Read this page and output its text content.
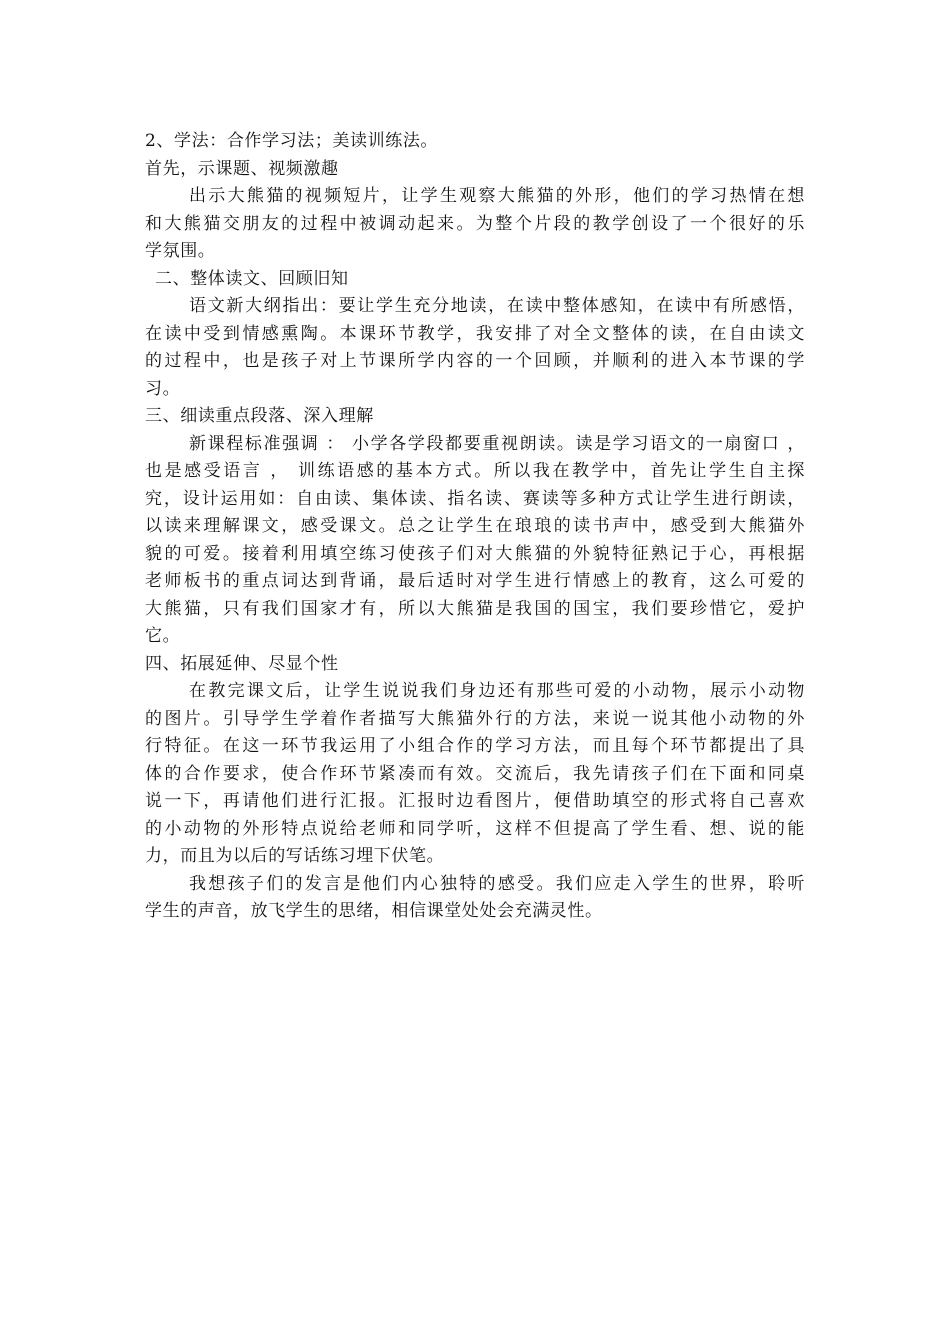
2、学法：合作学习法；美读训练法。
首先，示课题、视频激趣
出示大熊猫的视频短片，让学生观察大熊猫的外形，他们的学习热情在想
和大熊猫交朋友的过程中被调动起来。为整个片段的教学创设了一个很好的乐
学氛围。
二、整体读文、回顾旧知
语文新大纲指出：要让学生充分地读，在读中整体感知，在读中有所感悟，
在读中受到情感熏陶。本课环节教学，我安排了对全文整体的读，在自由读文
的过程中，也是孩子对上节课所学内容的一个回顾，并顺利的进入本节课的学
习。
三、细读重点段落、深入理解
新课程标准强调 ： 小学各学段都要重视朗读。读是学习语文的一扇窗口 ，
也是感受语言 ， 训练语感的基本方式。所以我在教学中，首先让学生自主探
究，设计运用如：自由读、集体读、指名读、赛读等多种方式让学生进行朗读，
以读来理解课文，感受课文。总之让学生在琅琅的读书声中，感受到大熊猫外
貌的可爱。接着利用填空练习使孩子们对大熊猫的外貌特征熟记于心，再根据
老师板书的重点词达到背诵，最后适时对学生进行情感上的教育，这么可爱的
大熊猫，只有我们国家才有，所以大熊猫是我国的国宝，我们要珍惜它，爱护
它。
四、拓展延伸、尽显个性
在教完课文后，让学生说说我们身边还有那些可爱的小动物，展示小动物
的图片。引导学生学着作者描写大熊猫外行的方法，来说一说其他小动物的外
行特征。在这一环节我运用了小组合作的学习方法，而且每个环节都提出了具
体的合作要求，使合作环节紧凑而有效。交流后，我先请孩子们在下面和同桌
说一下，再请他们进行汇报。汇报时边看图片，便借助填空的形式将自己喜欢
的小动物的外形特点说给老师和同学听，这样不但提高了学生看、想、说的能
力，而且为以后的写话练习埋下伏笔。
我想孩子们的发言是他们内心独特的感受。我们应走入学生的世界，聆听
学生的声音，放飞学生的思绪，相信课堂处处会充满灵性。
